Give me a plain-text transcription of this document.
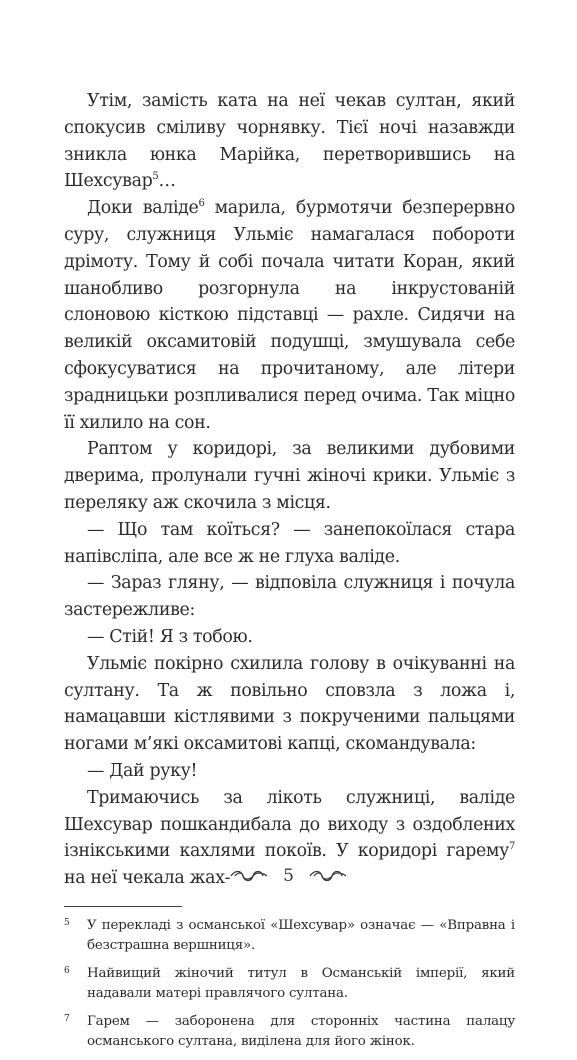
Утім, замість ката на неї чекав султан, який спокусив сміливу чорнявку. Тієї ночі назавжди зникла юнка Марійка, перетворившись на Шехсувар$^5$…

Доки валіде$^6$ марила, бурмотячи безперервно суру, служниця Ульміє намагалася побороти дрімоту. Тому й собі почала читати Коран, який шанобливо розгорнула на інкрустованій слоновою кісткою підставці — рахле. Сидячи на великій оксамитовій подушці, змушувала себе сфокусуватися на прочитаному, але літери зрадницьки розпливалися перед очима. Так міцно її хилило на сон.

Раптом у коридорі, за великими дубовими дверима, пролунали гучні жіночі крики. Ульміє з переляку аж скочила з місця.

— Що там коїться? — занепокоїлася стара напівсліпа, але все ж не глуха валіде.

— Зараз гляну, — відповіла служниця і почула застережливе:

— Стій! Я з тобою.

Ульміє покірно схилила голову в очікуванні на султану. Та ж повільно сповзла з ложа і, намацавши кістлявими з покрученими пальцями ногами м’які оксамитові капці, скомандувала:

— Дай руку!

Тримаючись за лікоть служниці, валіде Шехсувар пошкандибала до виходу з оздоблених ізнікськими кахлями покоїв. У коридорі гарему$^7$ на неї чекала жах-

5 У перекладі з османської «Шехсувар» означає — «Вправна і безстрашна вершниця».

6 Найвищий жіночий титул в Османській імперії, який надавали матері правлячого султана.

7 Гарем — заборонена для сторонніх частина палацу османського султана, виділена для його жінок.

5
